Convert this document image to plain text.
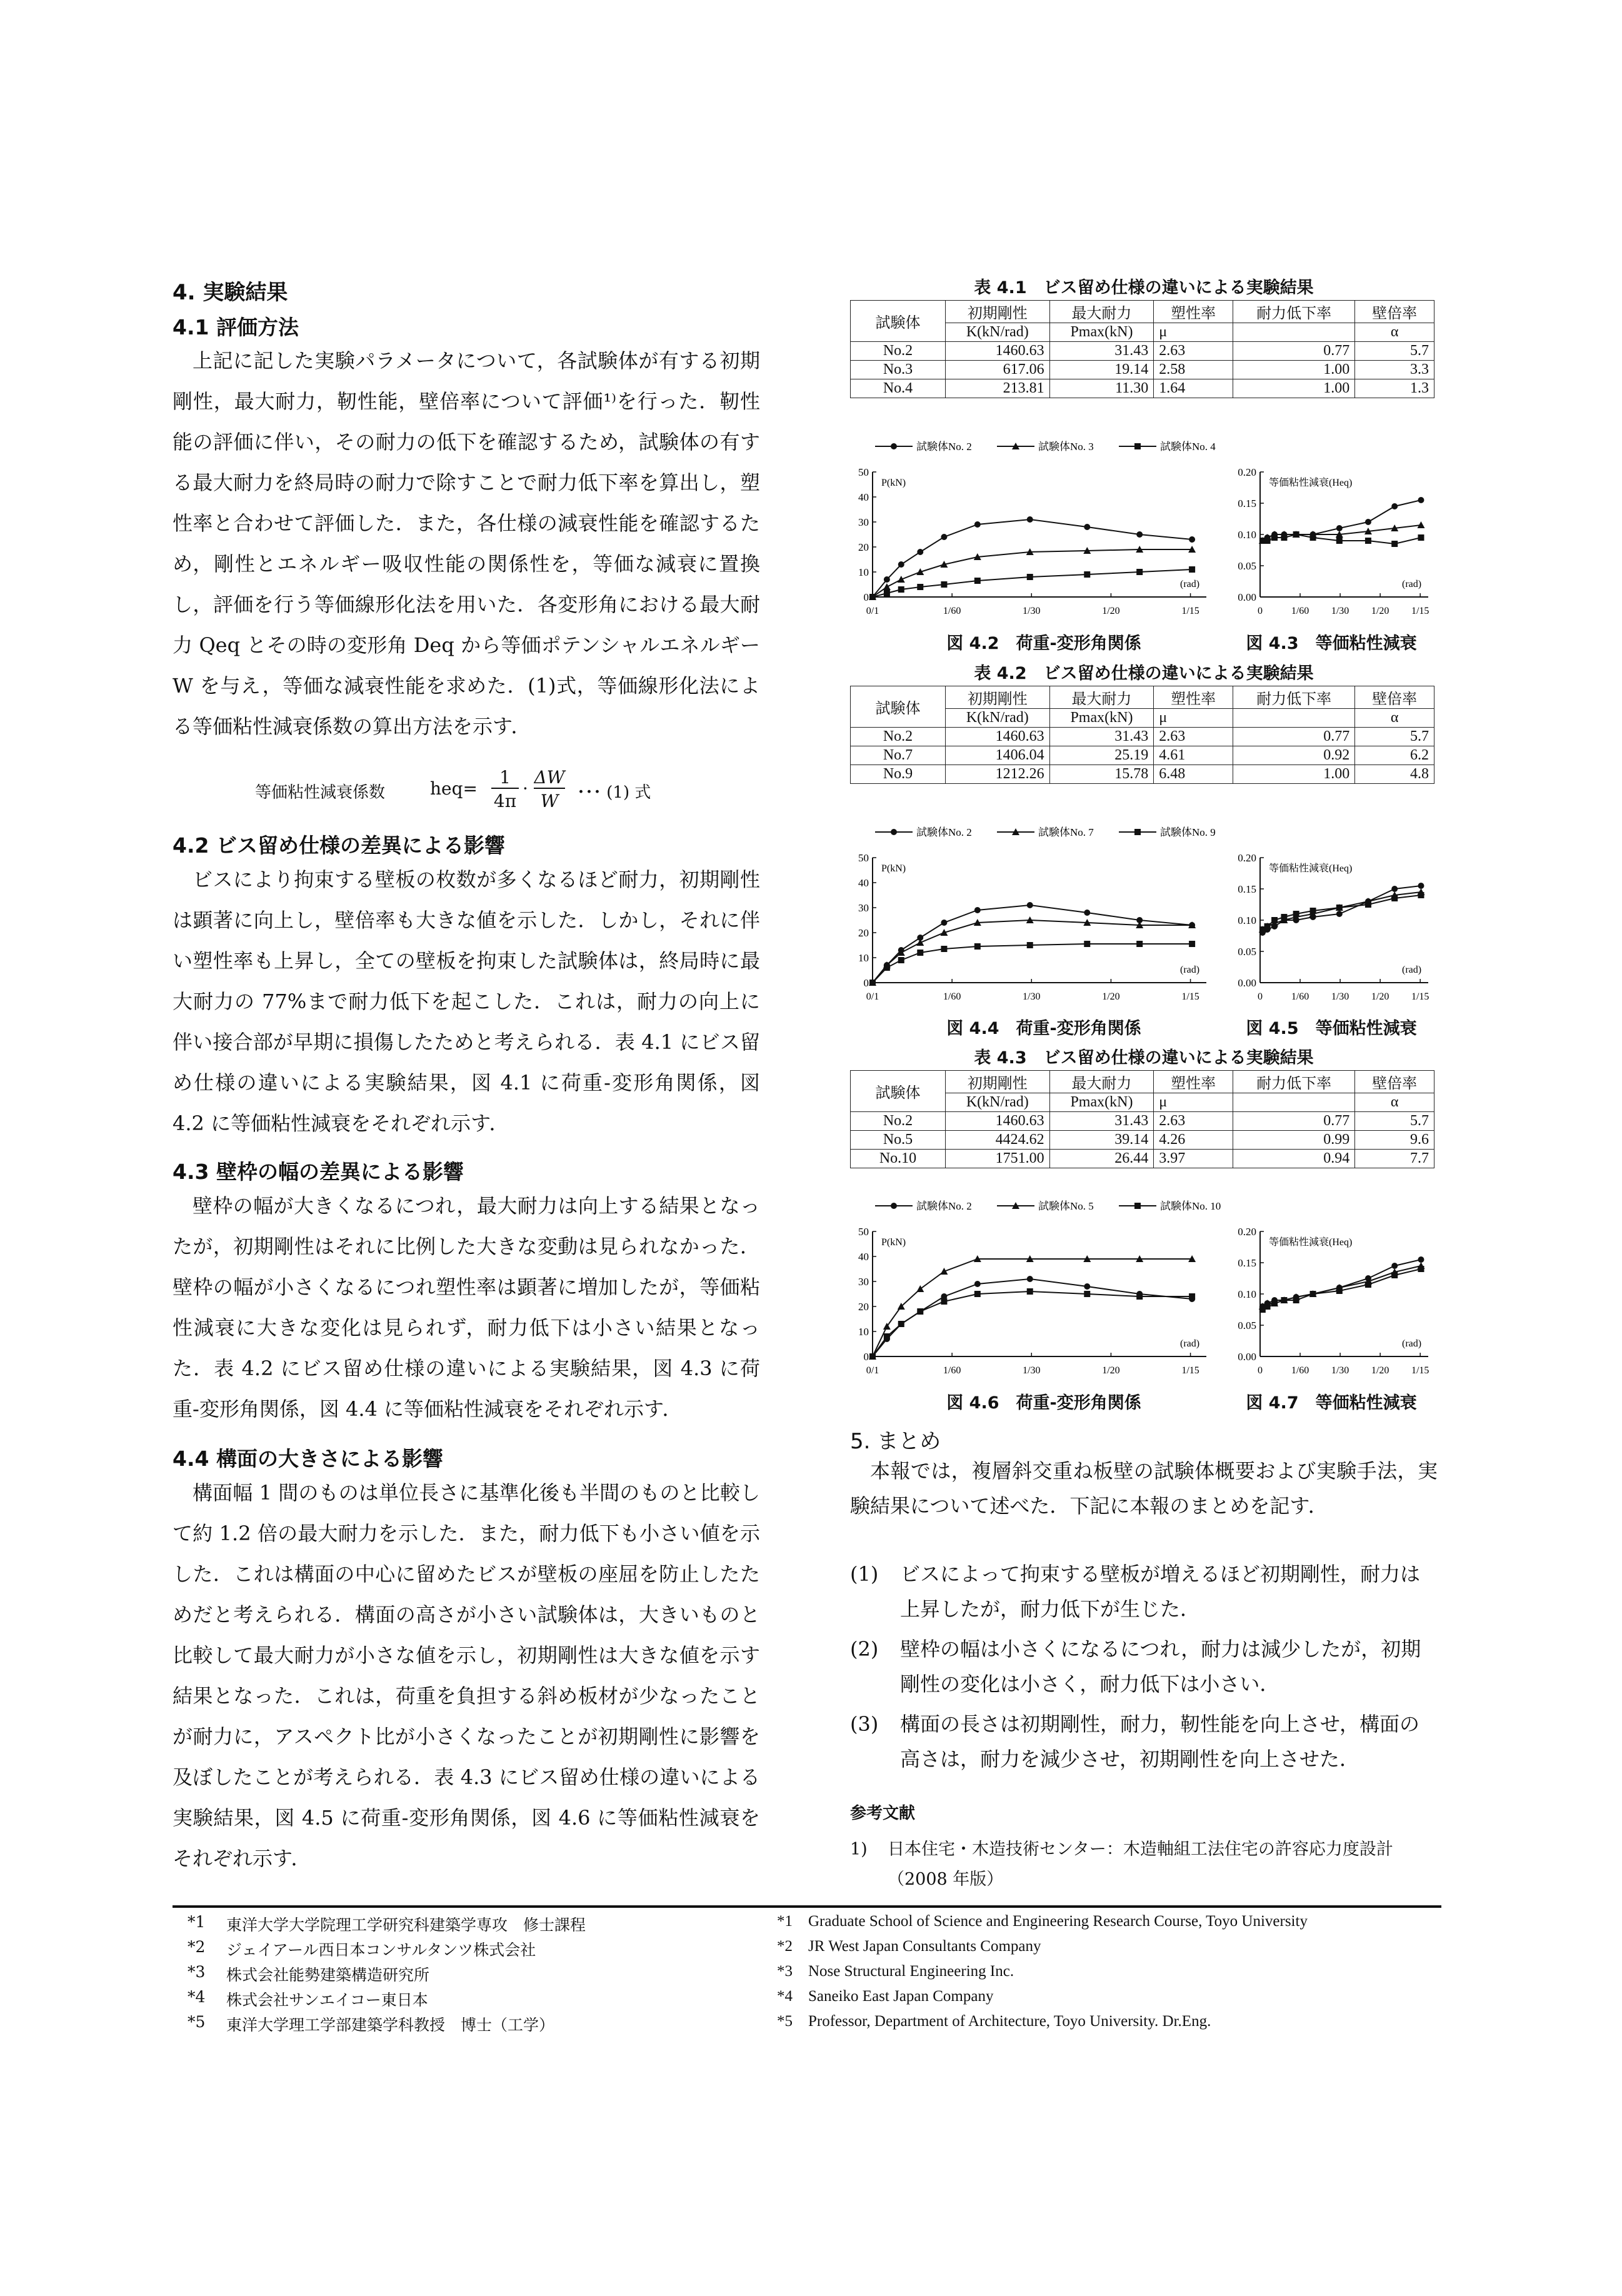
4. 実験結果
4.1 評価方法

上記に記した実験パラメータについて，各試験体が有する初期剛性，最大耐力，靭性能，壁倍率について評価¹⁾を行った．靭性能の評価に伴い，その耐力の低下を確認するため，試験体の有する最大耐力を終局時の耐力で除すことで耐力低下率を算出し，塑性率と合わせて評価した．また，各仕様の減衰性能を確認するため，剛性とエネルギー吸収性能の関係性を，等価な減衰に置換し，評価を行う等価線形化法を用いた．各変形角における最大耐力 Qeq とその時の変形角 Deq から等価ポテンシャルエネルギーW を与え，等価な減衰性能を求めた．(1)式，等価線形化法による等価粘性減衰係数の算出方法を示す．

等価粘性減衰係数	heq=
1
4π
·
ΔW
W	･･･ (1) 式
4.2 ビス留め仕様の差異による影響

ビスにより拘束する壁板の枚数が多くなるほど耐力，初期剛性は顕著に向上し，壁倍率も大きな値を示した．しかし，それに伴い塑性率も上昇し，全ての壁板を拘束した試験体は，終局時に最大耐力の 77%まで耐力低下を起こした．これは，耐力の向上に伴い接合部が早期に損傷したためと考えられる．表 4.1 にビス留め仕様の違いによる実験結果，図 4.1 に荷重-変形角関係，図 4.2 に等価粘性減衰をそれぞれ示す．

4.3 壁枠の幅の差異による影響

壁枠の幅が大きくなるにつれ，最大耐力は向上する結果となったが，初期剛性はそれに比例した大きな変動は見られなかった．壁枠の幅が小さくなるにつれ塑性率は顕著に増加したが，等価粘性減衰に大きな変化は見られず，耐力低下は小さい結果となった．表 4.2 にビス留め仕様の違いによる実験結果，図 4.3 に荷重-変形角関係，図 4.4 に等価粘性減衰をそれぞれ示す．

4.4 構面の大きさによる影響

構面幅 1 間のものは単位長さに基準化後も半間のものと比較して約 1.2 倍の最大耐力を示した．また，耐力低下も小さい値を示した．これは構面の中心に留めたビスが壁板の座屈を防止したためだと考えられる．構面の高さが小さい試験体は，大きいものと比較して最大耐力が小さな値を示し，初期剛性は大きな値を示す結果となった．これは，荷重を負担する斜め板材が少なったことが耐力に，アスペクト比が小さくなったことが初期剛性に影響を及ぼしたことが考えられる．表 4.3 にビス留め仕様の違いによる実験結果，図 4.5 に荷重-変形角関係，図 4.6 に等価粘性減衰をそれぞれ示す．

表 4.1　ビス留め仕様の違いによる実験結果
試験体	初期剛性	最大耐力	塑性率	耐力低下率	壁倍率
	K(kN/rad)	Pmax(kN)	μ		α
No.2	1460.63	31.43	2.63	0.77	5.7
No.3	617.06	19.14	2.58	1.00	3.3
No.4	213.81	11.30	1.64	1.00	1.3
表 4.2　ビス留め仕様の違いによる実験結果
試験体	初期剛性	最大耐力	塑性率	耐力低下率	壁倍率
	K(kN/rad)	Pmax(kN)	μ		α
No.2	1460.63	31.43	2.63	0.77	5.7
No.7	1406.04	25.19	4.61	0.92	6.2
No.9	1212.26	15.78	6.48	1.00	4.8
表 4.3　ビス留め仕様の違いによる実験結果
試験体	初期剛性	最大耐力	塑性率	耐力低下率	壁倍率
	K(kN/rad)	Pmax(kN)	μ		α
No.2	1460.63	31.43	2.63	0.77	5.7
No.5	4424.62	39.14	4.26	0.99	9.6
No.10	1751.00	26.44	3.97	0.94	7.7
試験体No. 2	試験体No. 3	試験体No. 4
0
10
20
30
40
50
0/1	1/60	1/30	1/20	1/15
P(kN)
(rad)
0.00
0.05
0.10
0.15
0.20
0	1/60 1/30 1/20 1/15
等価粘性減衰(Heq)
(rad)
図 4.2　荷重-変形角関係	図 4.3　等価粘性減衰
試験体No. 2	試験体No. 7	試験体No. 9
0
10
20
30
40
50
0/1	1/60	1/30	1/20	1/15
P(kN)
(rad)
0.00
0.05
0.10
0.15
0.20
0	1/60 1/30 1/20 1/15
等価粘性減衰(Heq)
(rad)
図 4.4　荷重-変形角関係	図 4.5　等価粘性減衰
試験体No. 2	試験体No. 5	試験体No. 10
0
10
20
30
40
50
0/1	1/60	1/30	1/20	1/15
P(kN)
(rad)
0.00
0.05
0.10
0.15
0.20
0	1/60 1/30 1/20 1/15
等価粘性減衰(Heq)
(rad)
図 4.6　荷重-変形角関係	図 4.7　等価粘性減衰
5. まとめ

本報では，複層斜交重ね板壁の試験体概要および実験手法，実験結果について述べた．下記に本報のまとめを記す．

(1)	ビスによって拘束する壁板が増えるほど初期剛性，耐力は上昇したが，耐力低下が生じた．
(2)	壁枠の幅は小さくになるにつれ，耐力は減少したが，初期剛性の変化は小さく，耐力低下は小さい．
(3)	構面の長さは初期剛性，耐力，靭性能を向上させ，構面の高さは，耐力を減少させ，初期剛性を向上させた．
参考文献
1)	日本住宅・木造技術センター：木造軸組工法住宅の許容応力度設計（2008 年版）
*1	東洋大学大学院理工学研究科建築学専攻　修士課程
*2	ジェイアール西日本コンサルタンツ株式会社
*3	株式会社能勢建築構造研究所
*4	株式会社サンエイコー東日本
*5	東洋大学理工学部建築学科教授　博士（工学）
*1	Graduate School of Science and Engineering Research Course, Toyo University
*2	JR West Japan Consultants Company
*3	Nose Structural Engineering Inc.
*4	Saneiko East Japan Company
*5	Professor, Department of Architecture, Toyo University. Dr.Eng.
